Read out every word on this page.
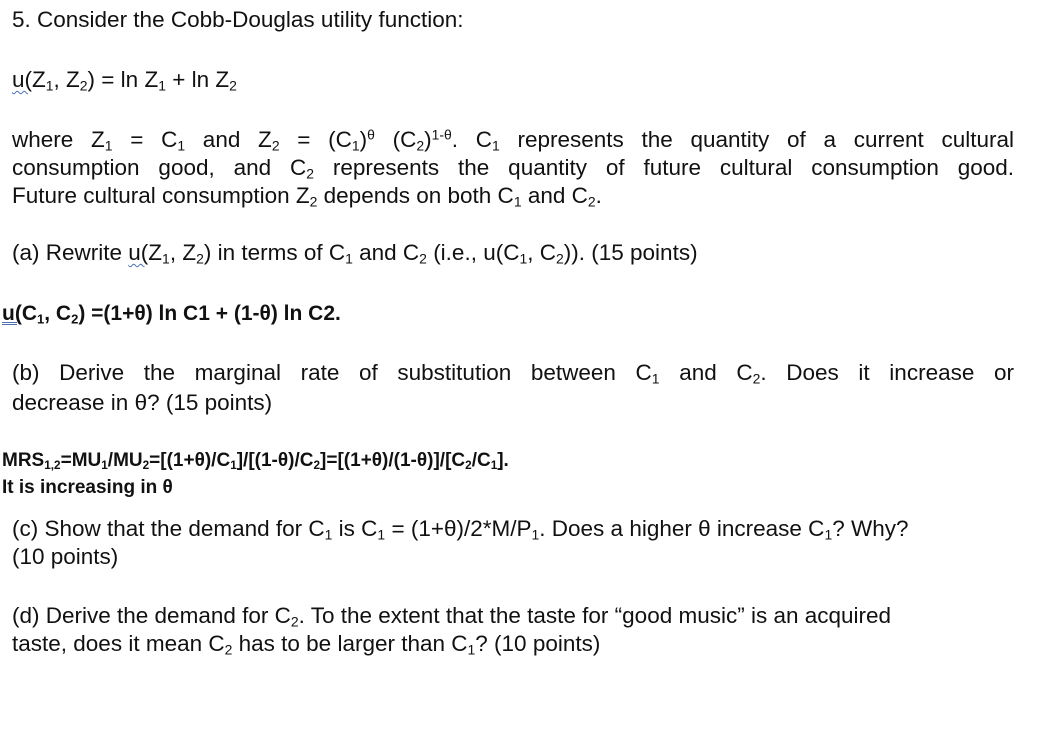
5. Consider the Cobb-Douglas utility function:
$u(Z_1$, $Z_2) = \ln Z_1 + \ln Z_2$
where $Z_1 = C_1$ and $Z_2 = (C_1)^\theta$ $(C_2)^{1-\theta}$. $C_1$ represents the quantity of a current cultural
consumption good, and $C_2$ represents the quantity of future cultural consumption good.
Future cultural consumption $Z_2$ depends on both $C_1$ and $C_2$.
(a) Rewrite $u(Z_1$, $Z_2$) in terms of $C_1$ and $C_2$ (i.e., $u(C_1$, $C_2$)). (15 points)
$u(C_1$, $C_2) =(1+\theta)$ ln C1 + (1-θ) ln C2.
(b) Derive the marginal rate of substitution between $C_1$ and $C_2$. Does it increase or
decrease in θ? (15 points)
$MRS_{1,2}=MU_1/MU_2=[(1+\theta)/C_1]/[(1-\theta)/C_2]=[(1+\theta)/(1-\theta)]/[C_2/C_1]$.
It is increasing in θ
(c) Show that the demand for $C_1$ is $C_1 = (1+\theta)/2*M/P_1$. Does a higher θ increase $C_1$? Why?
(10 points)
(d) Derive the demand for $C_2$. To the extent that the taste for “good music” is an acquired
taste, does it mean $C_2$ has to be larger than $C_1$? (10 points)
